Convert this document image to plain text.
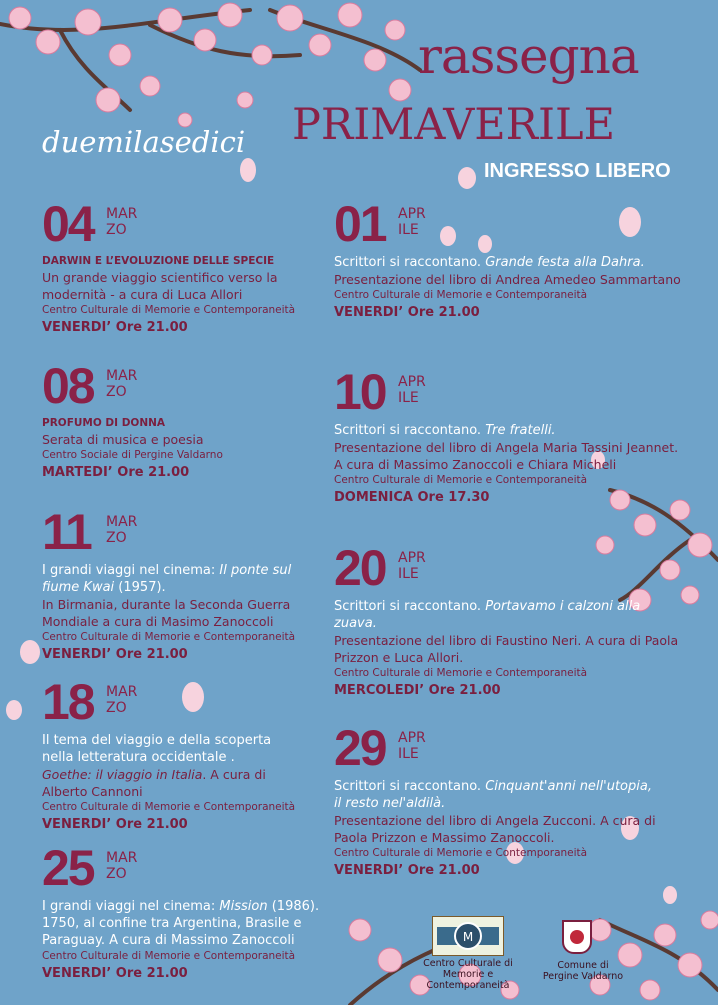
rassegna
duemilasedici PRIMAVERILE
INGRESSO LIBERO
04 MAR
ZO

DARWIN E L’EVOLUZIONE DELLE SPECIE

Un grande viaggio scientifico verso la

modernità - a cura di Luca Allori

Centro Culturale di Memorie e Contemporaneità

VENERDI’ Ore 21.00

08 MAR
ZO

PROFUMO DI DONNA

Serata di musica e poesia

Centro Sociale di Pergine Valdarno

MARTEDI’ Ore 21.00

11 MAR
ZO

I grandi viaggi nel cinema: Il ponte sul

fiume Kwai (1957).

In Birmania, durante la Seconda Guerra

Mondiale a cura di Masimo Zanoccoli

Centro Culturale di Memorie e Contemporaneità

VENERDI’ Ore 21.00

18 MAR
ZO

Il tema del viaggio e della scoperta

nella letteratura occidentale .

Goethe: il viaggio in Italia. A cura di

Alberto Cannoni

Centro Culturale di Memorie e Contemporaneità

VENERDI’ Ore 21.00

25 MAR
ZO

I grandi viaggi nel cinema: Mission (1986).

1750, al confine tra Argentina, Brasile e

Paraguay. A cura di Massimo Zanoccoli

Centro Culturale di Memorie e Contemporaneità

VENERDI’ Ore 21.00

01 APR
ILE

Scrittori si raccontano. Grande festa alla Dahra.

Presentazione del libro di Andrea Amedeo Sammartano

Centro Culturale di Memorie e Contemporaneità

VENERDI’ Ore 21.00

10 APR
ILE

Scrittori si raccontano. Tre fratelli.

Presentazione del libro di Angela Maria Tassini Jeannet.

A cura di Massimo Zanoccoli e Chiara Micheli

Centro Culturale di Memorie e Contemporaneità

DOMENICA Ore 17.30

20 APR
ILE

Scrittori si raccontano. Portavamo i calzoni alla

zuava.

Presentazione del libro di Faustino Neri. A cura di Paola

Prizzon e Luca Allori.

Centro Culturale di Memorie e Contemporaneità

MERCOLEDI’ Ore 21.00

29 APR
ILE

Scrittori si raccontano. Cinquant'anni nell'utopia,

il resto nel'aldilà.

Presentazione del libro di Angela Zucconi. A cura di

Paola Prizzon e Massimo Zanoccoli.

Centro Culturale di Memorie e Contemporaneità

VENERDI’ Ore 21.00

M
Centro Culturale di
Memorie e Contemporaneità
Comune di
Pergine Valdarno
